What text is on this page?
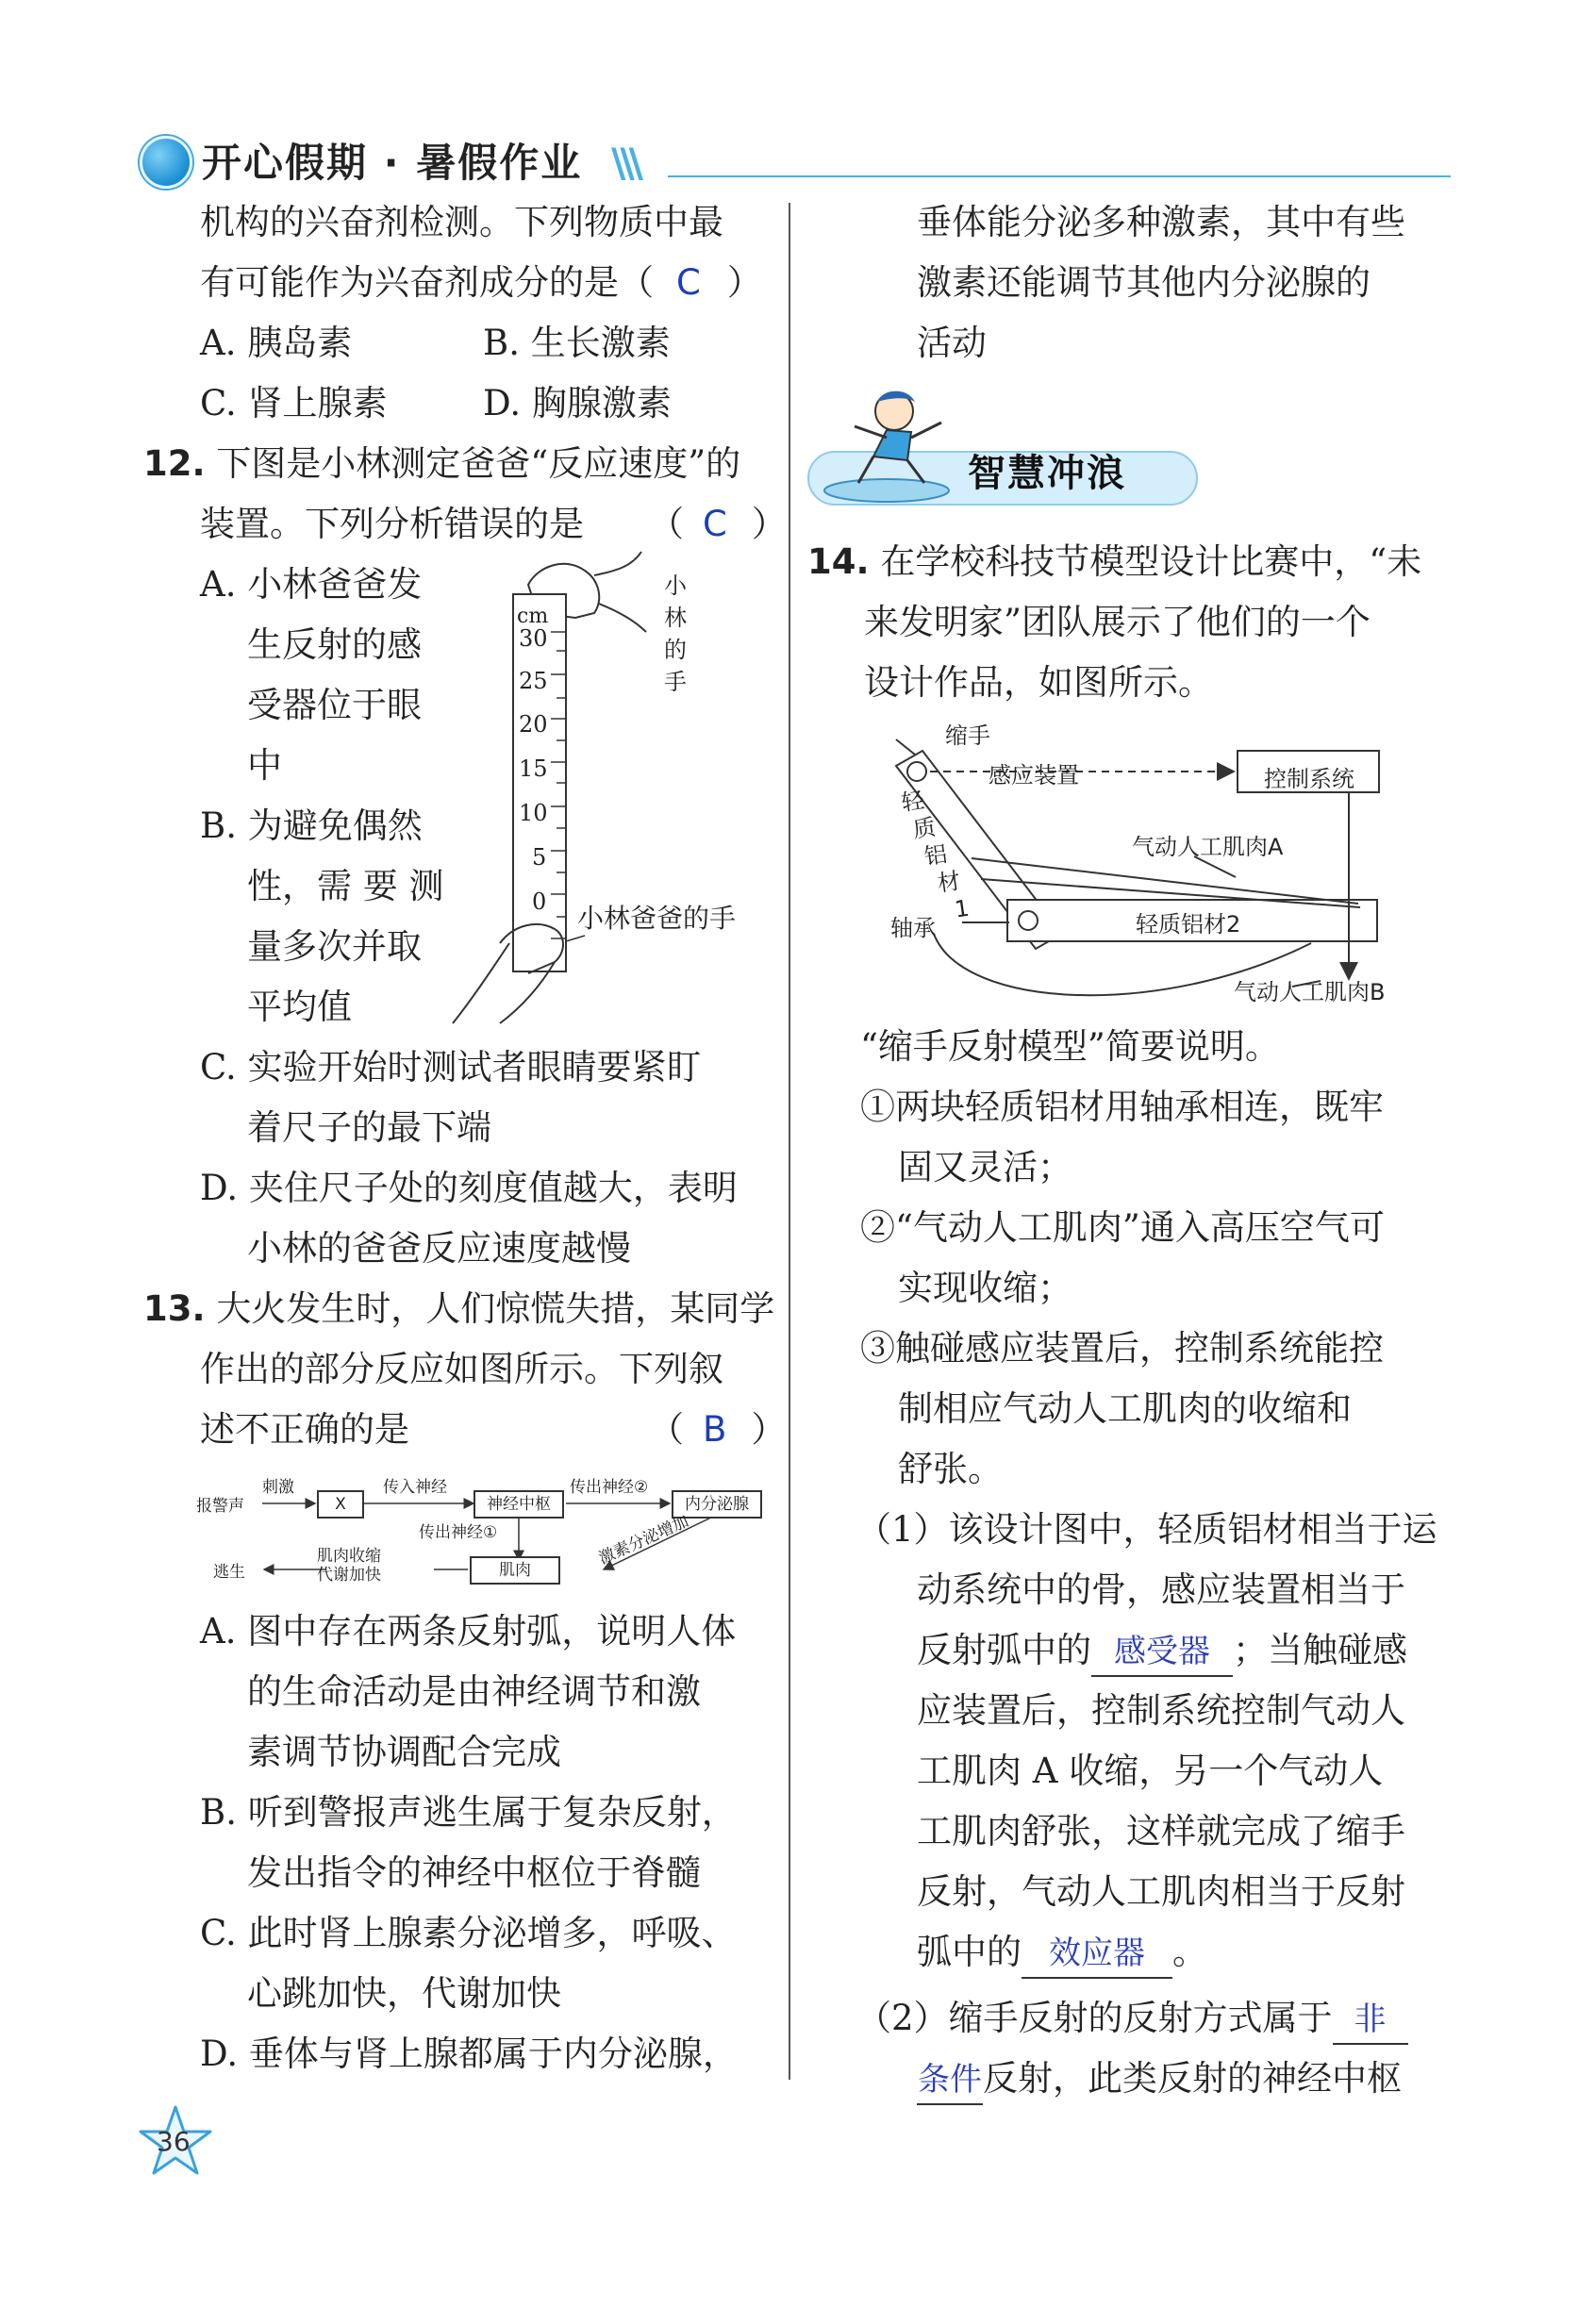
开心假期 · 暑假作业 \\\
机构的兴奋剂检测。下列物质中最
有可能作为兴奋剂成分的是（ C ）
A. 胰岛素	B. 生长激素
C. 肾上腺素	D. 胸腺激素
12. 下图是小林测定爸爸“反应速度”的
装置。下列分析错误的是 （ C ）
A. 小林爸爸发
生反射的感
受器位于眼
中
B. 为避免偶然
性，需 要 测
量多次并取
平均值
cm
30
25
20
15
10
5
0
小
林
的
手
小林爸爸的手
C. 实验开始时测试者眼睛要紧盯
着尺子的最下端
D. 夹住尺子处的刻度值越大，表明
小林的爸爸反应速度越慢
13. 大火发生时，人们惊慌失措，某同学
作出的部分反应如图所示。下列叙
述不正确的是	（ B ）
报警声
刺激
X
传入神经
神经中枢
传出神经②
内分泌腺
传出神经①
肌肉
逃生
肌肉收缩
代谢加快
激素分泌增加
A. 图中存在两条反射弧，说明人体
的生命活动是由神经调节和激
素调节协调配合完成
B. 听到警报声逃生属于复杂反射，
发出指令的神经中枢位于脊髓
C. 此时肾上腺素分泌增多，呼吸、
心跳加快，代谢加快
D. 垂体与肾上腺都属于内分泌腺，
垂体能分泌多种激素，其中有些
激素还能调节其他内分泌腺的
活动
智慧冲浪
14. 在学校科技节模型设计比赛中，“未
来发明家”团队展示了他们的一个
设计作品，如图所示。
缩手
感应装置	控制系统
轻
质
铝
材
1
气动人工肌肉A
轴承	轻质铝材2
气动人工肌肉B
“缩手反射模型”简要说明。
①两块轻质铝材用轴承相连，既牢
固又灵活；
②“气动人工肌肉”通入高压空气可
实现收缩；
③触碰感应装置后，控制系统能控
制相应气动人工肌肉的收缩和
舒张。
（1）该设计图中，轻质铝材相当于运
动系统中的骨，感应装置相当于
反射弧中的 感受器 ；当触碰感
应装置后，控制系统控制气动人
工肌肉 A 收缩，另一个气动人
工肌肉舒张，这样就完成了缩手
反射，气动人工肌肉相当于反射
弧中的 效应器 。
（2）缩手反射的反射方式属于 非
条件反射，此类反射的神经中枢
36
